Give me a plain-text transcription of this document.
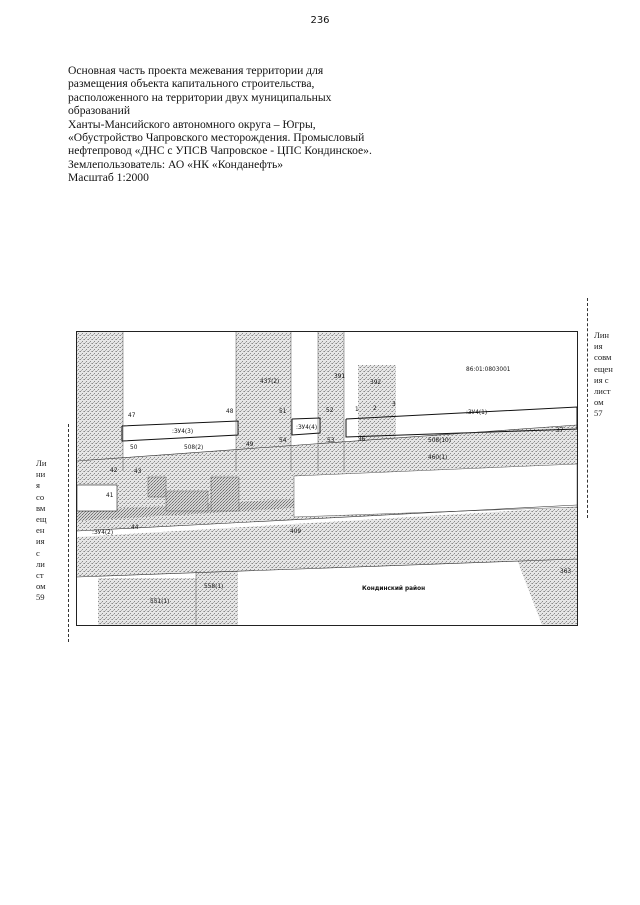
236
Основная часть проекта межевания территории для
размещения объекта капитального строительства,
расположенного на территории двух муниципальных
образований
Ханты-Мансийского автономного округа – Югры,
«Обустройство Чапровского месторождения. Промысловый
нефтепровод «ДНС с УПСВ Чапровское - ЦПС Кондинское».
Землепользователь: АО «НК «Конданефть»
Масштаб 1:2000
Лин
ия
совм
ещен
ия с
лист
ом
57
Ли
ни
я
со
вм
ещ
ен
ия
с
ли
ст
ом
59
86:01:0803001
437(2)
391
392
:ЗУ4(3)
:ЗУ4(4)
:ЗУ4(1)
508(2)
508(10)
460(1)
:ЗУ4(2)	409
363
558(1)
551(1)
Кондинский район
47
48	51	52	1 2
3
37
50	49
54	53	36
42	43
41
44
